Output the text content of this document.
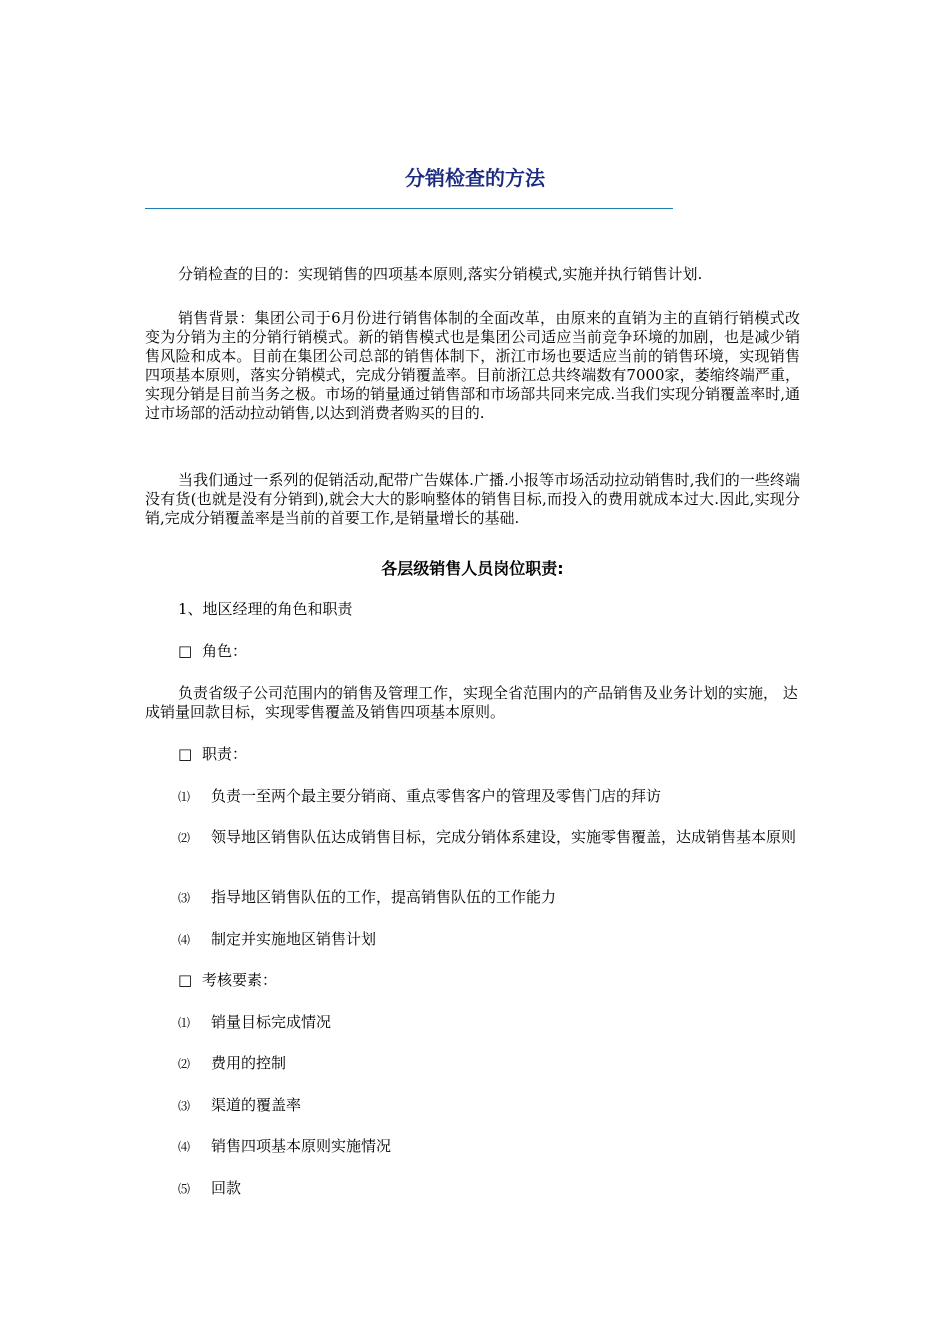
分销检查的方法

分销检查的目的：实现销售的四项基本原则,落实分销模式,实施并执行销售计划.

销售背景：集团公司于6月份进行销售体制的全面改革，由原来的直销为主的直销行销模式改变为分销为主的分销行销模式。新的销售模式也是集团公司适应当前竞争环境的加剧，也是减少销售风险和成本。目前在集团公司总部的销售体制下，浙江市场也要适应当前的销售环境，实现销售四项基本原则，落实分销模式，完成分销覆盖率。目前浙江总共终端数有7000家，萎缩终端严重，实现分销是目前当务之极。市场的销量通过销售部和市场部共同来完成.当我们实现分销覆盖率时,通过市场部的活动拉动销售,以达到消费者购买的目的.

当我们通过一系列的促销活动,配带广告媒体.广播.小报等市场活动拉动销售时,我们的一些终端没有货(也就是没有分销到),就会大大的影响整体的销售目标,而投入的费用就成本过大.因此,实现分销,完成分销覆盖率是当前的首要工作,是销量增长的基础.

各层级销售人员岗位职责:
1、地区经理的角色和职责
□ 角色：

负责省级子公司范围内的销售及管理工作，实现全省范围内的产品销售及业务计划的实施， 达成销量回款目标，实现零售覆盖及销售四项基本原则。

□ 职责：
⑴ 负责一至两个最主要分销商、重点零售客户的管理及零售门店的拜访

⑵ 领导地区销售队伍达成销售目标，完成分销体系建设，实施零售覆盖，达成销售基本原则

⑶ 指导地区销售队伍的工作，提高销售队伍的工作能力
⑷ 制定并实施地区销售计划
□ 考核要素：
⑴ 销量目标完成情况
⑵ 费用的控制
⑶ 渠道的覆盖率
⑷ 销售四项基本原则实施情况
⑸ 回款
